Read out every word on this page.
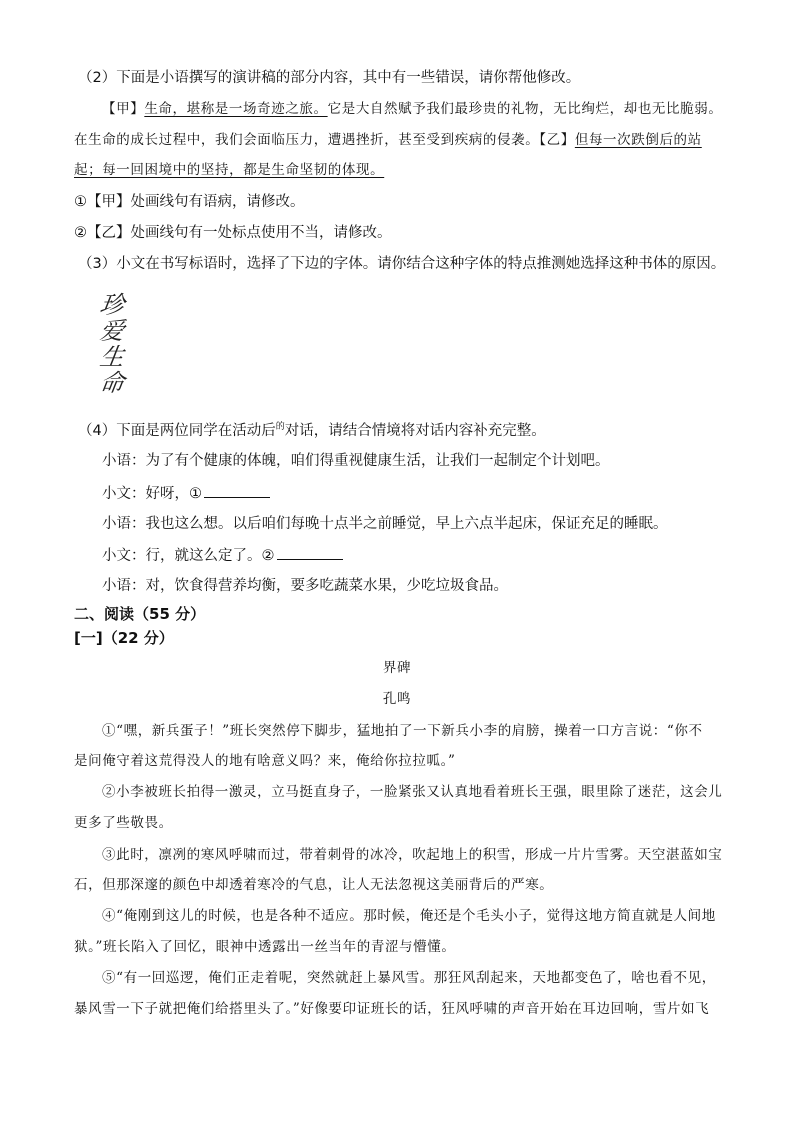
（2）下面是小语撰写的演讲稿的部分内容，其中有一些错误，请你帮他修改。
【甲】生命，堪称是一场奇迹之旅。它是大自然赋予我们最珍贵的礼物，无比绚烂，却也无比脆弱。
在生命的成长过程中，我们会面临压力，遭遇挫折，甚至受到疾病的侵袭。【乙】但每一次跌倒后的站
起；每一回困境中的坚持，都是生命坚韧的体现。
①【甲】处画线句有语病，请修改。
②【乙】处画线句有一处标点使用不当，请修改。
（3）小文在书写标语时，选择了下边的字体。请你结合这种字体的特点推测她选择这种书体的原因。
珍
爱
生
命
（4）下面是两位同学在活动后$^的$对话，请结合情境将对话内容补充完整。
小语：为了有个健康的体魄，咱们得重视健康生活，让我们一起制定个计划吧。
小文：好呀，①
小语：我也这么想。以后咱们每晚十点半之前睡觉，早上六点半起床，保证充足的睡眠。
小文：行，就这么定了。②
小语：对，饮食得营养均衡，要多吃蔬菜水果，少吃垃圾食品。
二、阅读（55 分）
[一]（22 分）
界碑
孔鸣
①“嘿，新兵蛋子！”班长突然停下脚步，猛地拍了一下新兵小李的肩膀，操着一口方言说：“你不
是问俺守着这荒得没人的地有啥意义吗？来，俺给你拉拉呱。”
②小李被班长拍得一激灵，立马挺直身子，一脸紧张又认真地看着班长王强，眼里除了迷茫，这会儿
更多了些敬畏。
③此时，凛冽的寒风呼啸而过，带着刺骨的冰冷，吹起地上的积雪，形成一片片雪雾。天空湛蓝如宝
石，但那深邃的颜色中却透着寒冷的气息，让人无法忽视这美丽背后的严寒。
④“俺刚到这儿的时候，也是各种不适应。那时候，俺还是个毛头小子，觉得这地方简直就是人间地
狱。”班长陷入了回忆，眼神中透露出一丝当年的青涩与懵懂。
⑤“有一回巡逻，俺们正走着呢，突然就赶上暴风雪。那狂风刮起来，天地都变色了，啥也看不见，
暴风雪一下子就把俺们给搭里头了。”好像要印证班长的话，狂风呼啸的声音开始在耳边回响，雪片如飞
